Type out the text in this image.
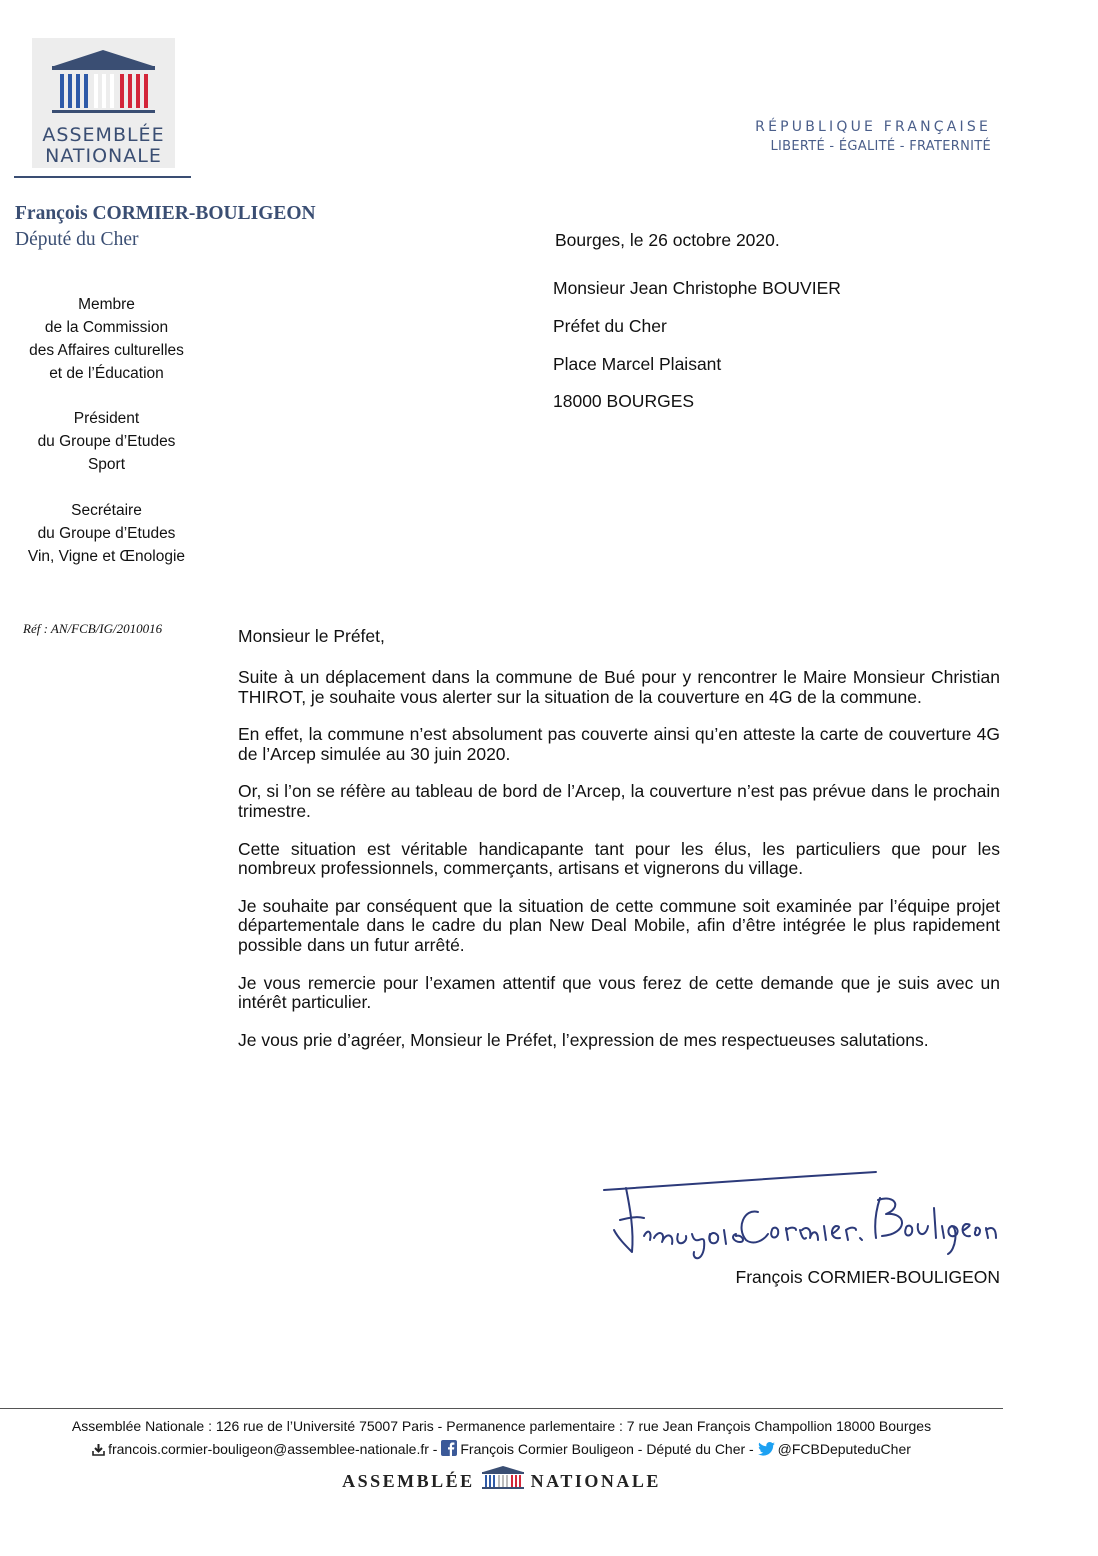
ASSEMBLÉE
NATIONALE
RÉPUBLIQUE FRANÇAISE
LIBERTÉ - ÉGALITÉ - FRATERNITÉ
François CORMIER-BOULIGEON
Député du Cher
Membre
de la Commission
des Affaires culturelles
et de l’Éducation
Président
du Groupe d’Etudes
Sport
Secrétaire
du Groupe d’Etudes
Vin, Vigne et Œnologie
Réf : AN/FCB/IG/2010016
Bourges, le 26 octobre 2020.
Monsieur Jean Christophe BOUVIER
Préfet du Cher
Place Marcel Plaisant
18000 BOURGES
Monsieur le Préfet,

Suite à un déplacement dans la commune de Bué pour y rencontrer le Maire Monsieur Christian THIROT, je souhaite vous alerter sur la situation de la couverture en 4G de la commune.

En effet, la commune n’est absolument pas couverte ainsi qu’en atteste la carte de couverture 4G de l’Arcep simulée au 30 juin 2020.

Or, si l’on se réfère au tableau de bord de l’Arcep, la couverture n’est pas prévue dans le prochain trimestre.

Cette situation est véritable handicapante tant pour les élus, les particuliers que pour les nombreux professionnels, commerçants, artisans et vignerons du village.

Je souhaite par conséquent que la situation de cette commune soit examinée par l’équipe projet départementale dans le cadre du plan New Deal Mobile, afin d’être intégrée le plus rapidement possible dans un futur arrêté.

Je vous remercie pour l’examen attentif que vous ferez de cette demande que je suis avec un intérêt particulier.

Je vous prie d’agréer, Monsieur le Préfet, l’expression de mes respectueuses salutations.

François CORMIER-BOULIGEON
Assemblée Nationale : 126 rue de l’Université 75007 Paris - Permanence parlementaire : 7 rue Jean François Champollion 18000 Bourges
francois.cormier-bouligeon@assemblee-nationale.fr - François Cormier Bouligeon - Député du Cher - @FCBDeputeduCher
ASSEMBLÉE	NATIONALE
